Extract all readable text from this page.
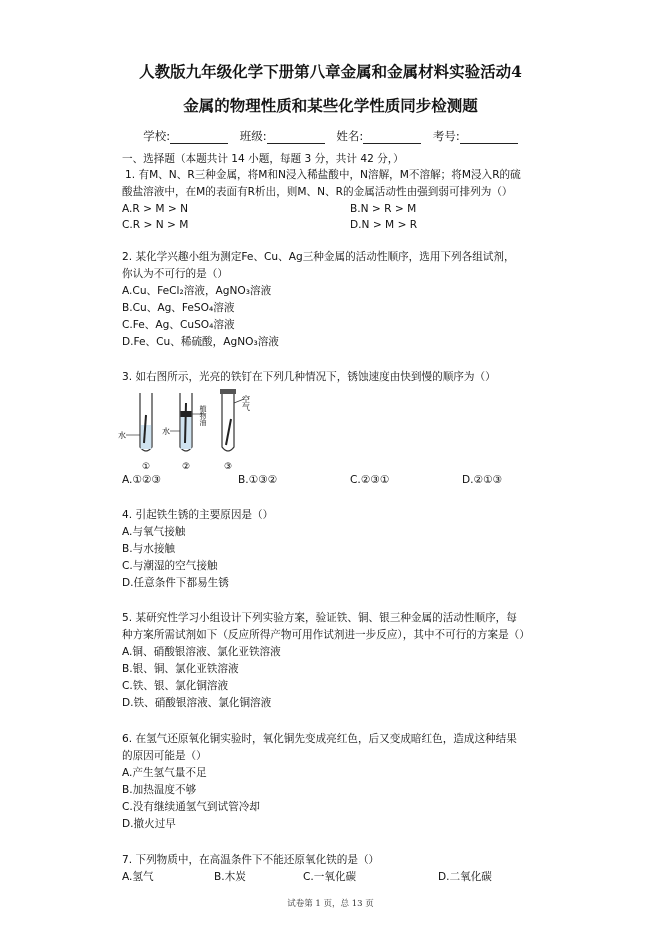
人教版九年级化学下册第八章金属和金属材料实验活动4
金属的物理性质和某些化学性质同步检测题
学校:	班级:	姓名:	考号:
一、选择题（本题共计 14 小题，每题 3 分，共计 42 分，）
1. 有M、N、R三种金属，将M和N浸入稀盐酸中，N溶解，M不溶解；将M浸入R的硫
酸盐溶液中，在M的表面有R析出，则M、N、R的金属活动性由强到弱可排列为（）
A.R > M > N	B.N > R > M
C.R > N > M	D.N > M > R
2. 某化学兴趣小组为测定Fe、Cu、Ag三种金属的活动性顺序，选用下列各组试剂，
你认为不可行的是（）
A.Cu、FeCl₂溶液，AgNO₃溶液
B.Cu、Ag、FeSO₄溶液
C.Fe、Ag、CuSO₄溶液
D.Fe、Cu、稀硫酸，AgNO₃溶液
3. 如右图所示，光亮的铁钉在下列几种情况下，锈蚀速度由快到慢的顺序为（）
水
①
水
植物油
②
空气
③
A.①②③	B.①③②	C.②③①	D.②①③
4. 引起铁生锈的主要原因是（）
A.与氧气接触
B.与水接触
C.与潮湿的空气接触
D.任意条件下都易生锈
5. 某研究性学习小组设计下列实验方案，验证铁、铜、银三种金属的活动性顺序，每
种方案所需试剂如下（反应所得产物可用作试剂进一步反应），其中不可行的方案是（）
A.铜、硝酸银溶液、氯化亚铁溶液
B.银、铜、氯化亚铁溶液
C.铁、银、氯化铜溶液
D.铁、硝酸银溶液、氯化铜溶液
6. 在氢气还原氧化铜实验时，氧化铜先变成亮红色，后又变成暗红色，造成这种结果
的原因可能是（）
A.产生氢气量不足
B.加热温度不够
C.没有继续通氢气到试管冷却
D.撤火过早
7. 下列物质中，在高温条件下不能还原氧化铁的是（）
A.氢气	B.木炭	C.一氧化碳	D.二氧化碳
试卷第 1 页，总 13 页
